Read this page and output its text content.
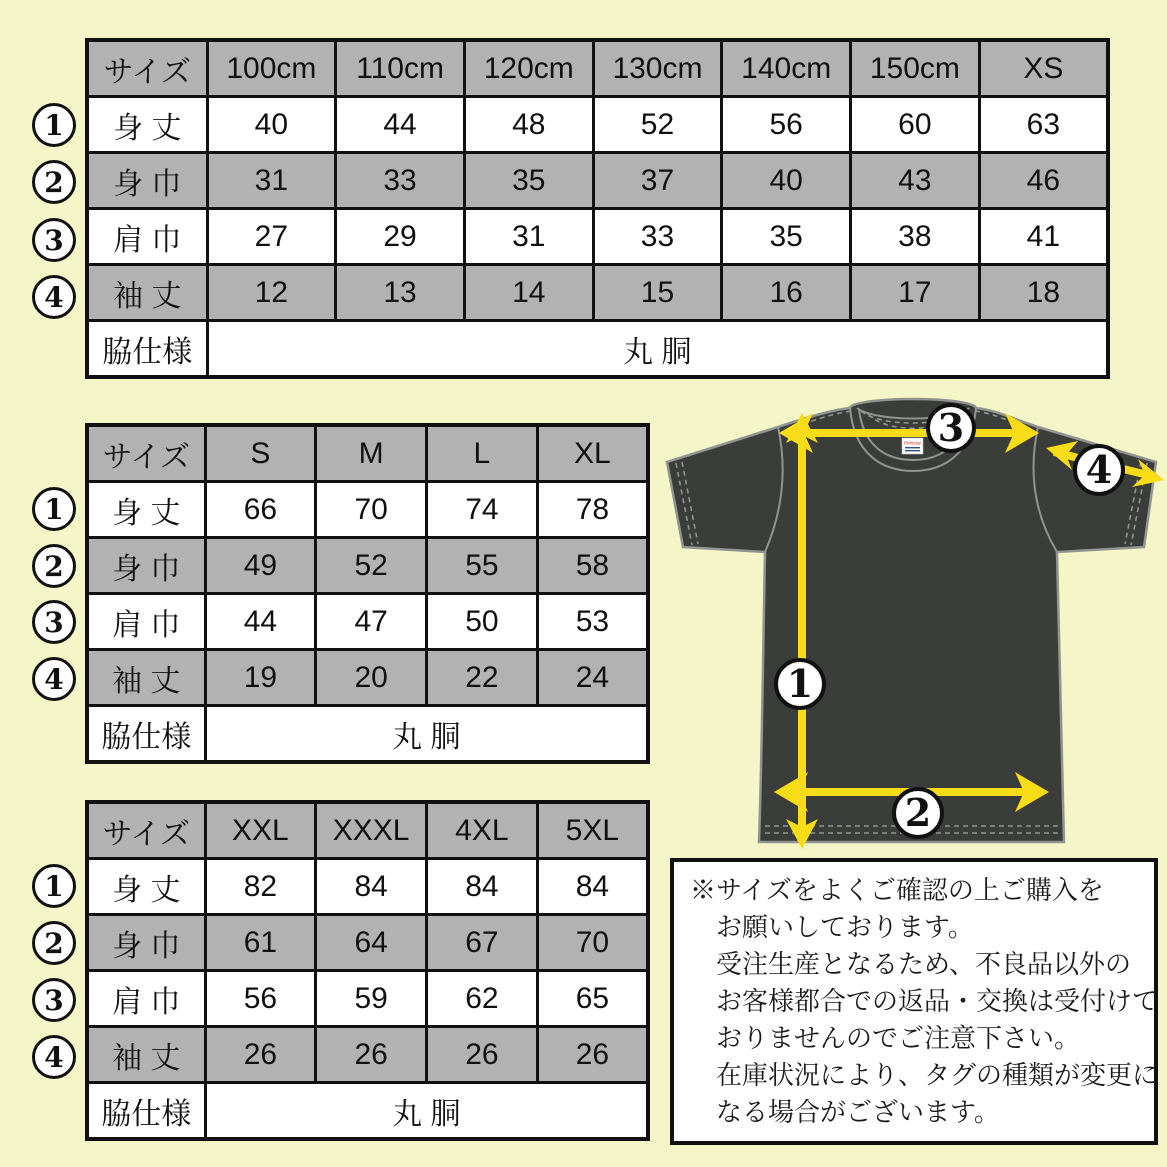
サイズ	100cm	110cm	120cm	130cm	140cm	150cm	XS
身 丈	40	44	48	52	56	60	63
身 巾	31	33	35	37	40	43	46
肩 巾	27	29	31	33	35	38	41
袖 丈	12	13	14	15	16	17	18
脇仕様	丸 胴						
サイズ	S	M	L	XL
身 丈	66	70	74	78
身 巾	49	52	55	58
肩 巾	44	47	50	53
袖 丈	19	20	22	24
脇仕様	丸 胴			
サイズ	XXL	XXXL	4XL	5XL
身 丈	82	84	84	84
身 巾	61	64	67	70
肩 巾	56	59	62	65
袖 丈	26	26	26	26
脇仕様	丸 胴			
Printstar 3
4
1
2
※サイズをよくご確認の上ご購入を
お願いしております。
受注生産となるため、不良品以外の
お客様都合での返品・交換は受付けて
おりませんのでご注意下さい。
在庫状況により、タグの種類が変更に
なる場合がございます。
1
2
3
4
1
2
3
4
1
2
3
4
